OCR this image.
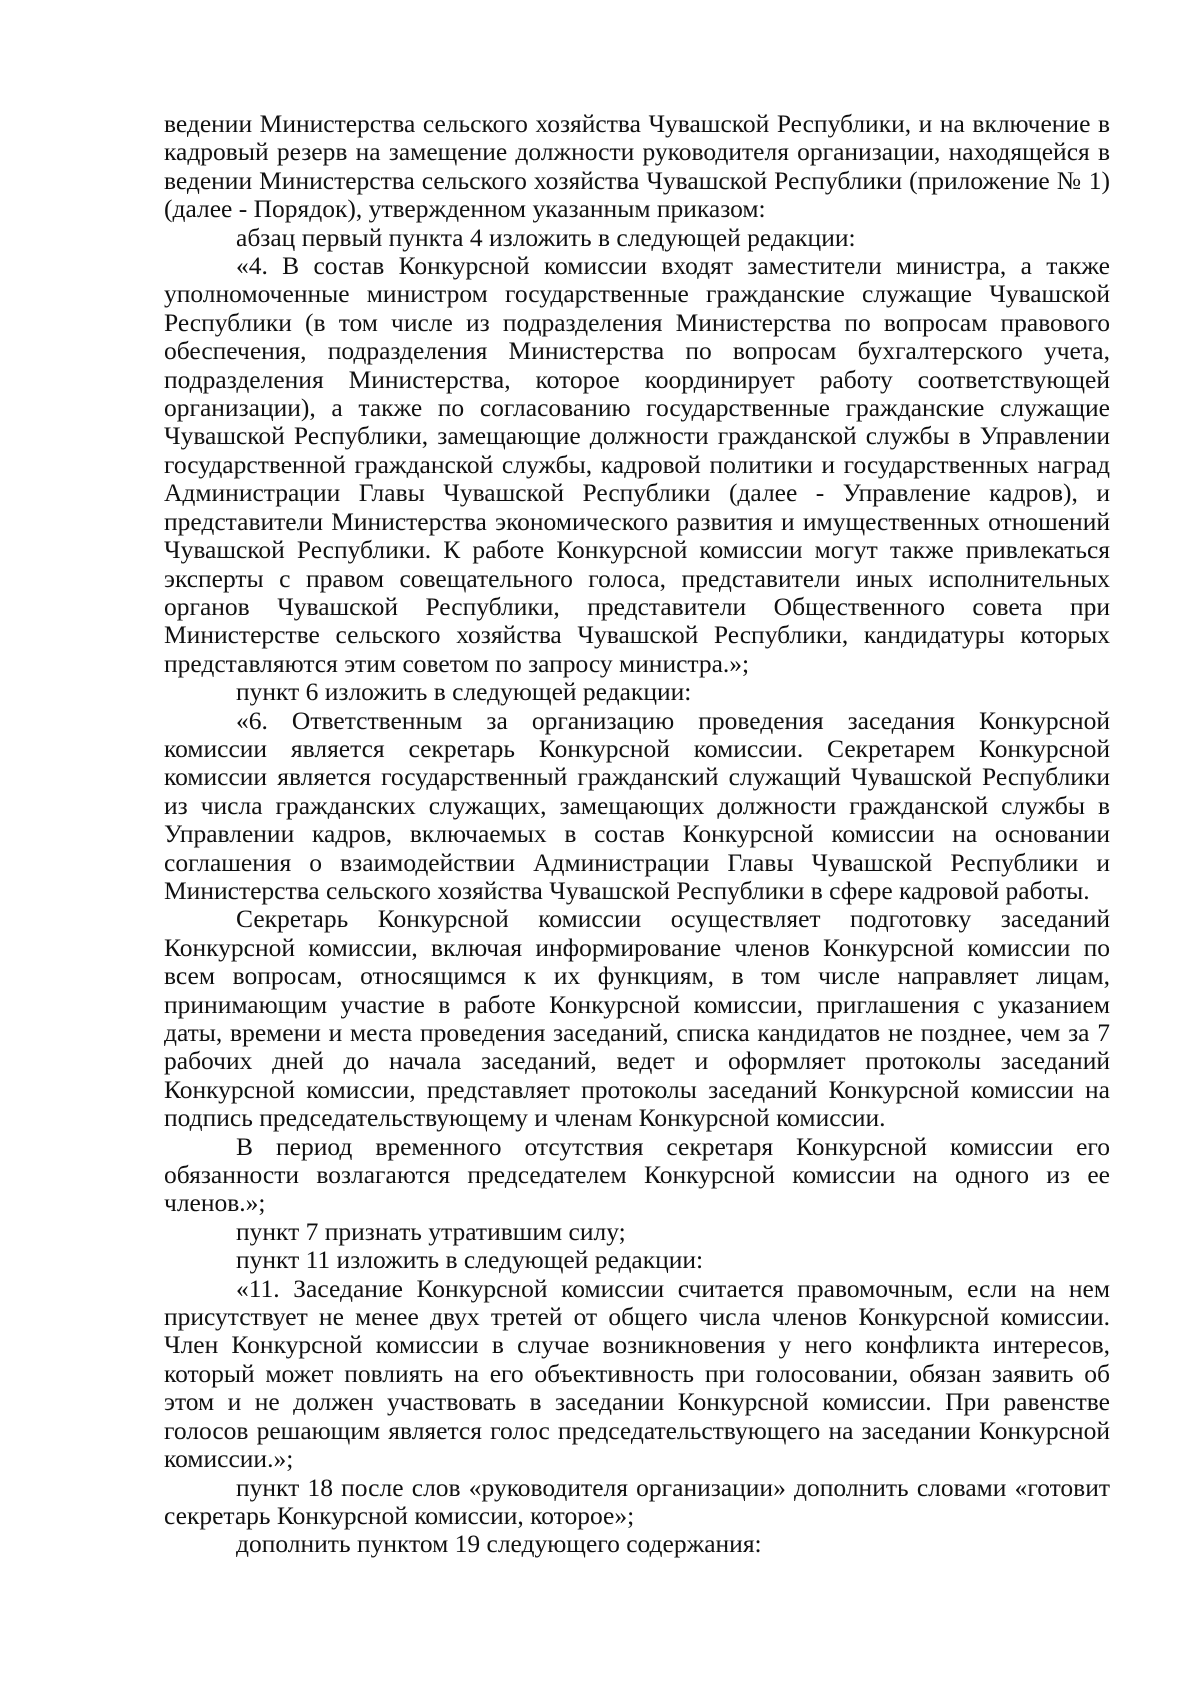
ведении Министерства сельского хозяйства Чувашской Республики, и на включение в кадровый резерв на замещение должности руководителя организации, находящейся в ведении Министерства сельского хозяйства Чувашской Республики (приложение № 1) (далее - Порядок), утвержденном указанным приказом:

абзац первый пункта 4 изложить в следующей редакции:

«4. В состав Конкурсной комиссии входят заместители министра, а также уполномоченные министром государственные гражданские служащие Чувашской Республики (в том числе из подразделения Министерства по вопросам правового обеспечения, подразделения Министерства по вопросам бухгалтерского учета, подразделения Министерства, которое координирует работу соответствующей организации), а также по согласованию государственные гражданские служащие Чувашской Республики, замещающие должности гражданской службы в Управлении государственной гражданской службы, кадровой политики и государственных наград Администрации Главы Чувашской Республики (далее - Управление кадров), и представители Министерства экономического развития и имущественных отношений Чувашской Республики. К работе Конкурсной комиссии могут также привлекаться эксперты с правом совещательного голоса, представители иных исполнительных органов Чувашской Республики, представители Общественного совета при Министерстве сельского хозяйства Чувашской Республики, кандидатуры которых представляются этим советом по запросу министра.»;

пункт 6 изложить в следующей редакции:

«6. Ответственным за организацию проведения заседания Конкурсной комиссии является секретарь Конкурсной комиссии. Секретарем Конкурсной комиссии является государственный гражданский служащий Чувашской Республики из числа гражданских служащих, замещающих должности гражданской службы в Управлении кадров, включаемых в состав Конкурсной комиссии на основании соглашения о взаимодействии Администрации Главы Чувашской Республики и Министерства сельского хозяйства Чувашской Республики в сфере кадровой работы.

Секретарь Конкурсной комиссии осуществляет подготовку заседаний Конкурсной комиссии, включая информирование членов Конкурсной комиссии по всем вопросам, относящимся к их функциям, в том числе направляет лицам, принимающим участие в работе Конкурсной комиссии, приглашения с указанием даты, времени и места проведения заседаний, списка кандидатов не позднее, чем за 7 рабочих дней до начала заседаний, ведет и оформляет протоколы заседаний Конкурсной комиссии, представляет протоколы заседаний Конкурсной комиссии на подпись председательствующему и членам Конкурсной комиссии.

В период временного отсутствия секретаря Конкурсной комиссии его обязанности возлагаются председателем Конкурсной комиссии на одного из ее членов.»;

пункт 7 признать утратившим силу;

пункт 11 изложить в следующей редакции:

«11. Заседание Конкурсной комиссии считается правомочным, если на нем присутствует не менее двух третей от общего числа членов Конкурсной комиссии. Член Конкурсной комиссии в случае возникновения у него конфликта интересов, который может повлиять на его объективность при голосовании, обязан заявить об этом и не должен участвовать в заседании Конкурсной комиссии. При равенстве голосов решающим является голос председательствующего на заседании Конкурсной комиссии.»;

пункт 18 после слов «руководителя организации» дополнить словами «готовит секретарь Конкурсной комиссии, которое»;

дополнить пунктом 19 следующего содержания:
